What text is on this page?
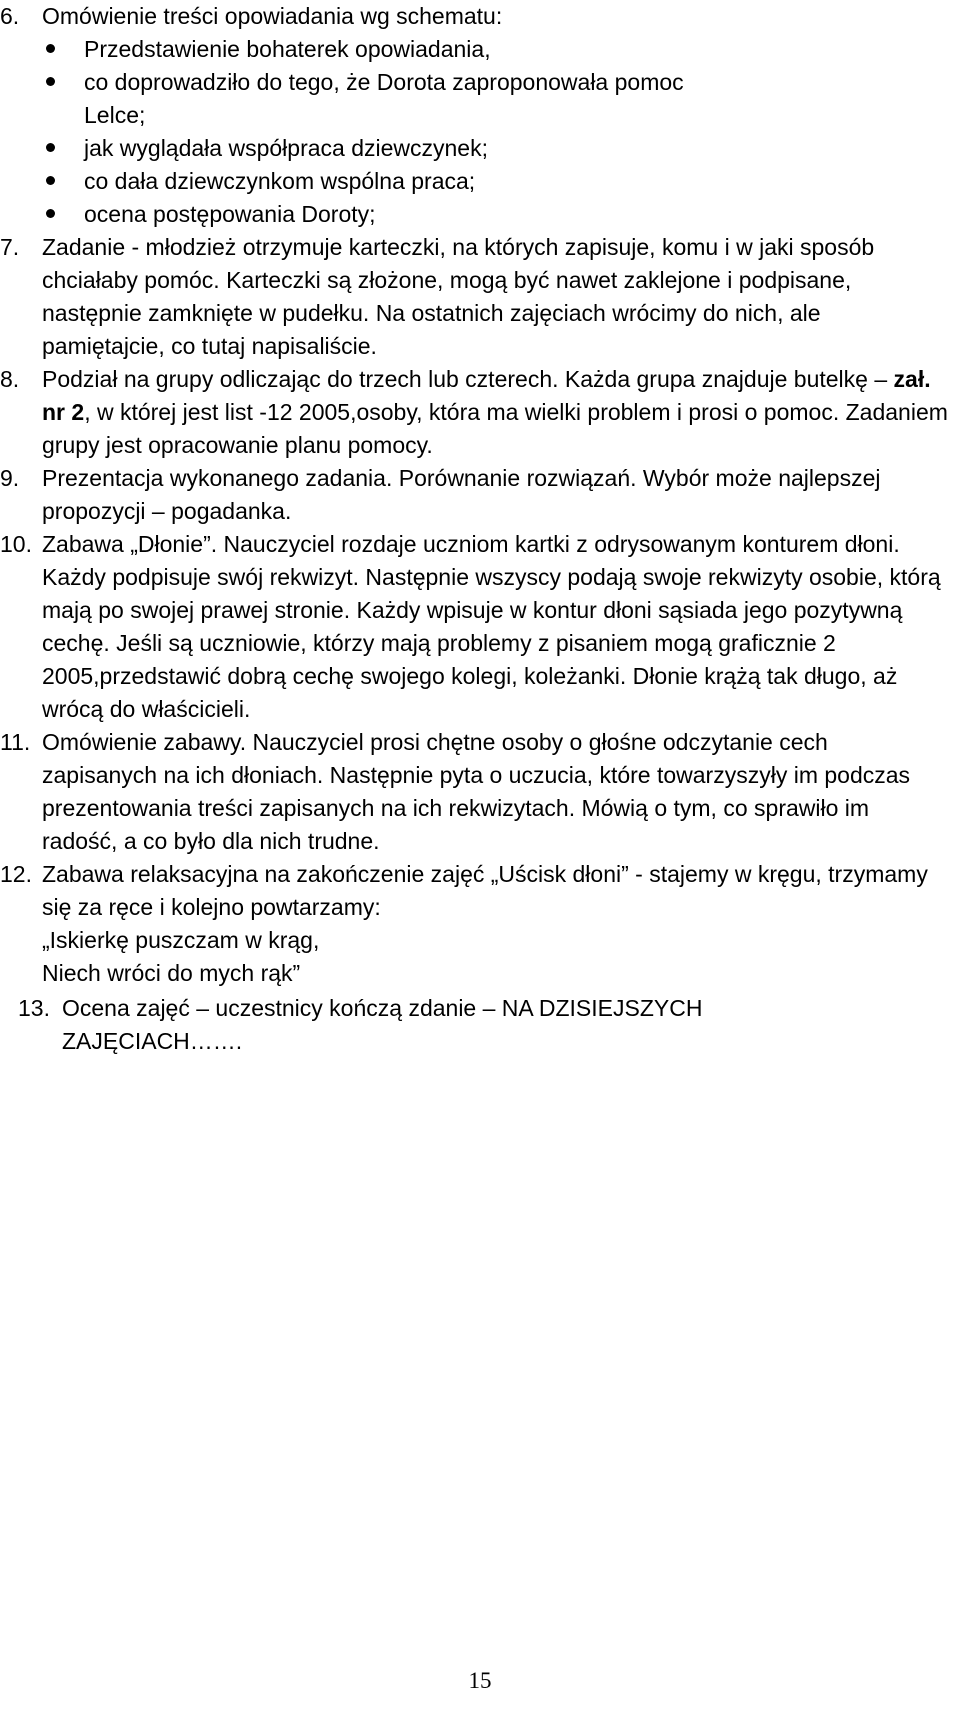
6. Omówienie treści opowiadania wg schematu:
Przedstawienie bohaterek opowiadania,
co doprowadziło do tego, że Dorota zaproponowała pomoc Lelce;
jak wyglądała współpraca dziewczynek;
co dała dziewczynkom wspólna praca;
ocena postępowania Doroty;
7. Zadanie - młodzież otrzymuje karteczki, na których zapisuje, komu i w jaki sposób chciałaby pomóc. Karteczki są złożone, mogą być nawet zaklejone i podpisane, następnie zamknięte w pudełku. Na ostatnich zajęciach wrócimy do nich, ale pamiętajcie, co tutaj napisaliście.
8. Podział na grupy odliczając do trzech lub czterech. Każda grupa znajduje butelkę – zał. nr 2, w której jest list -12 2005,osoby, która ma wielki problem i prosi o pomoc. Zadaniem grupy jest opracowanie planu pomocy.
9. Prezentacja wykonanego zadania. Porównanie rozwiązań. Wybór może najlepszej propozycji – pogadanka.
10. Zabawa „Dłonie”. Nauczyciel rozdaje uczniom kartki z odrysowanym konturem dłoni. Każdy podpisuje swój rekwizyt. Następnie wszyscy podają swoje rekwizyty osobie, którą mają po swojej prawej stronie. Każdy wpisuje w kontur dłoni sąsiada jego pozytywną cechę. Jeśli są uczniowie, którzy mają problemy z pisaniem mogą graficznie 2 2005,przedstawić dobrą cechę swojego kolegi, koleżanki. Dłonie krążą tak długo, aż wrócą do właścicieli.
11. Omówienie zabawy. Nauczyciel prosi chętne osoby o głośne odczytanie cech zapisanych na ich dłoniach. Następnie pyta o uczucia, które towarzyszyły im podczas prezentowania treści zapisanych na ich rekwizytach. Mówią o tym, co sprawiło im radość, a co było dla nich trudne.
12. Zabawa relaksacyjna na zakończenie zajęć „Uścisk dłoni” - stajemy w kręgu, trzymamy się za ręce i kolejno powtarzamy:
„Iskierkę puszczam w krąg,
Niech wróci do mych rąk”
13. Ocena zajęć – uczestnicy kończą zdanie – NA DZISIEJSZYCH ZAJĘCIACH…….
15
